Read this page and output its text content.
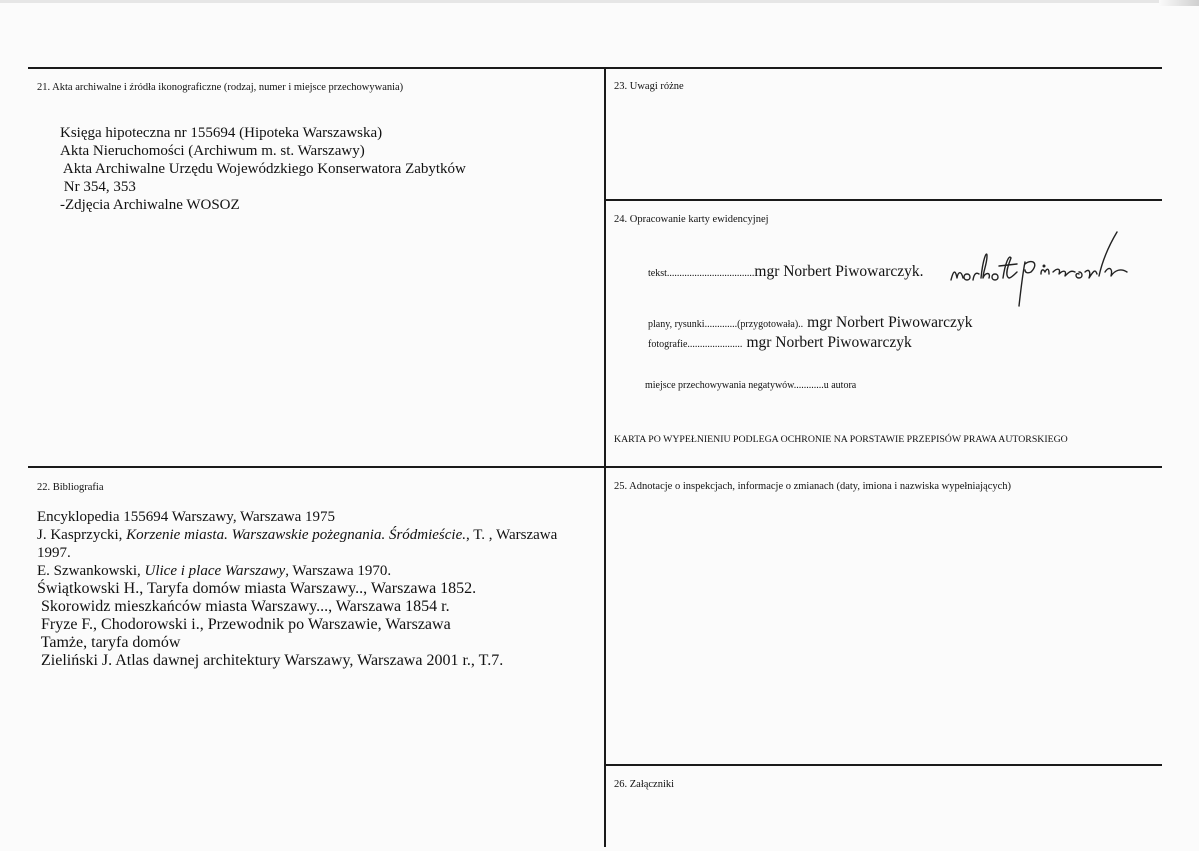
21. Akta archiwalne i źródła ikonograficzne (rodzaj, numer i miejsce przechowywania)
Księga hipoteczna nr 155694 (Hipoteka Warszawska)
Akta Nieruchomości (Archiwum m. st. Warszawy)
Akta Archiwalne Urzędu Wojewódzkiego Konserwatora Zabytków
Nr 354, 353
-Zdjęcia Archiwalne WOSOZ
23. Uwagi różne
24. Opracowanie karty ewidencyjnej
tekst...................................mgr Norbert Piwowarczyk.
plany, rysunki.............(przygotowała).. mgr Norbert Piwowarczyk
fotografie...................... mgr Norbert Piwowarczyk
miejsce przechowywania negatywów............u autora
KARTA PO WYPEŁNIENIU PODLEGA OCHRONIE NA PORSTAWIE PRZEPISÓW PRAWA AUTORSKIEGO
22. Bibliografia
Encyklopedia 155694 Warszawy, Warszawa 1975
J. Kasprzycki, Korzenie miasta. Warszawskie pożegnania. Śródmieście., T. , Warszawa
1997.
E. Szwankowski, Ulice i place Warszawy, Warszawa 1970.
Świątkowski H., Taryfa domów miasta Warszawy.., Warszawa 1852.
Skorowidz mieszkańców miasta Warszawy..., Warszawa 1854 r.
Fryze F., Chodorowski i., Przewodnik po Warszawie, Warszawa
Tamże, taryfa domów
Zieliński J. Atlas dawnej architektury Warszawy, Warszawa 2001 r., T.7.
25. Adnotacje o inspekcjach, informacje o zmianach (daty, imiona i nazwiska wypełniających)
26. Załączniki
